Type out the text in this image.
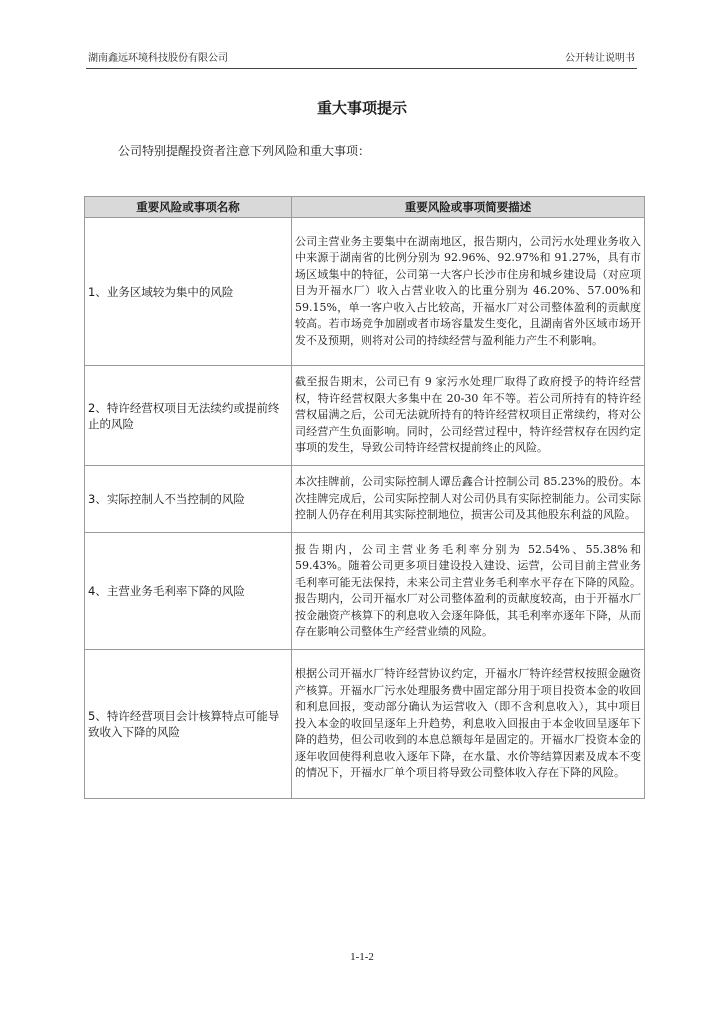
湖南鑫远环境科技股份有限公司	公开转让说明书
重大事项提示
公司特别提醒投资者注意下列风险和重大事项：
重要风险或事项名称	重要风险或事项简要描述
1、业务区域较为集中的风险	公司主营业务主要集中在湖南地区，报告期内，公司污水处理业务收入中来源于湖南省的比例分别为 92.96%、92.97%和 91.27%，具有市场区域集中的特征，公司第一大客户长沙市住房和城乡建设局（对应项目为开福水厂）收入占营业收入的比重分别为 46.20%、57.00%和 59.15%，单一客户收入占比较高，开福水厂对公司整体盈利的贡献度较高。若市场竞争加剧或者市场容量发生变化，且湖南省外区域市场开发不及预期，则将对公司的持续经营与盈利能力产生不利影响。
2、特许经营权项目无法续约或提前终止的风险	截至报告期末，公司已有 9 家污水处理厂取得了政府授予的特许经营权，特许经营权限大多集中在 20-30 年不等。若公司所持有的特许经营权届满之后，公司无法就所持有的特许经营权项目正常续约，将对公司经营产生负面影响。同时，公司经营过程中，特许经营权存在因约定事项的发生，导致公司特许经营权提前终止的风险。
3、实际控制人不当控制的风险	本次挂牌前，公司实际控制人谭岳鑫合计控制公司 85.23%的股份。本次挂牌完成后，公司实际控制人对公司仍具有实际控制能力。公司实际控制人仍存在利用其实际控制地位，损害公司及其他股东利益的风险。
4、主营业务毛利率下降的风险	报告期内，公司主营业务毛利率分别为 52.54%、55.38%和 59.43%。随着公司更多项目建设投入建设、运营，公司目前主营业务毛利率可能无法保持，未来公司主营业务毛利率水平存在下降的风险。报告期内，公司开福水厂对公司整体盈利的贡献度较高，由于开福水厂按金融资产核算下的利息收入会逐年降低，其毛利率亦逐年下降，从而存在影响公司整体生产经营业绩的风险。
5、特许经营项目会计核算特点可能导致收入下降的风险	根据公司开福水厂特许经营协议约定，开福水厂特许经营权按照金融资产核算。开福水厂污水处理服务费中固定部分用于项目投资本金的收回和利息回报，变动部分确认为运营收入（即不含利息收入），其中项目投入本金的收回呈逐年上升趋势，利息收入回报由于本金收回呈逐年下降的趋势，但公司收到的本息总额每年是固定的。开福水厂投资本金的逐年收回使得利息收入逐年下降，在水量、水价等结算因素及成本不变的情况下，开福水厂单个项目将导致公司整体收入存在下降的风险。
1-1-2
